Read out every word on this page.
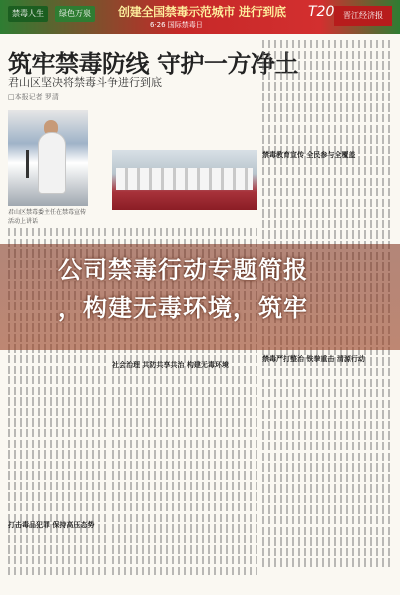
禁毒人生	绿色万泉	创建全国禁毒示范城市 进行到底
6·26 国际禁毒日
T20	晋江经济报
筑牢禁毒防线 守护一方净土
君山区坚决将禁毒斗争进行到底
□本报记者 罗清
君山区禁毒委主任在禁毒宣传活动上讲话
禁毒教育宣传 全民参与全覆盖
禁毒严打整治 铁拳重击 清源行动
社会治理 共防共享共治 构建无毒环境
打击毒品犯罪 保持高压态势
公司禁毒行动专题简报
，构建无毒环境，筑牢
